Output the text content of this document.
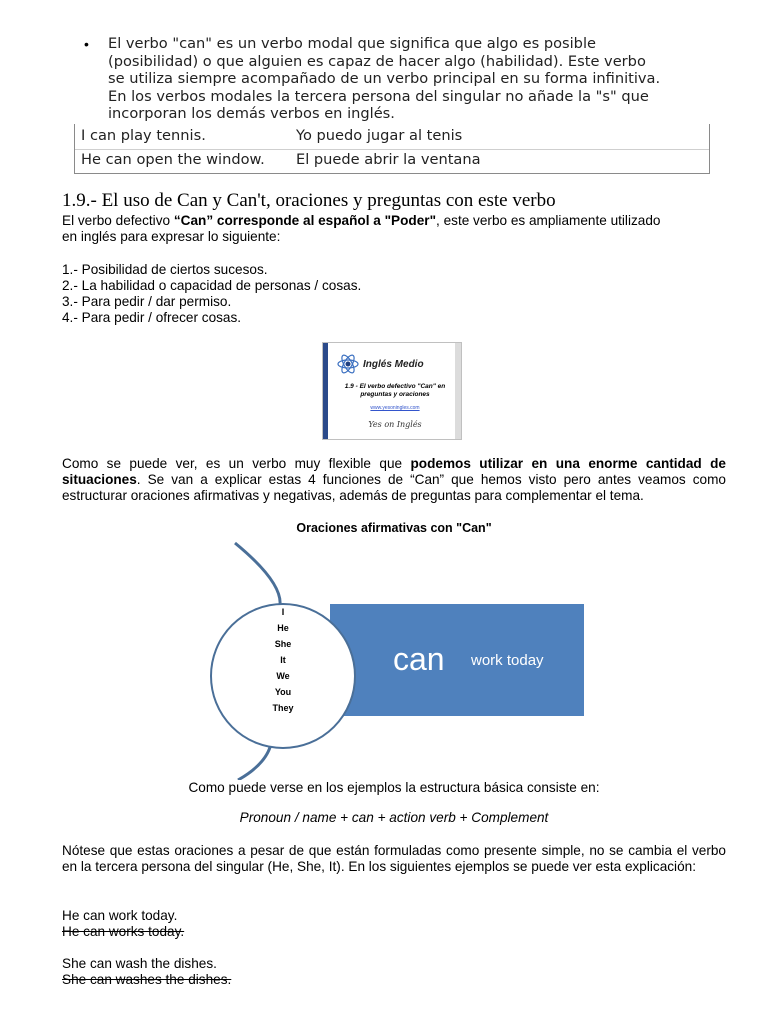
• El verbo "can" es un verbo modal que significa que algo es posible
(posibilidad) o que alguien es capaz de hacer algo (habilidad). Este verbo
se utiliza siempre acompañado de un verbo principal en su forma infinitiva.
En los verbos modales la tercera persona del singular no añade la "s" que
incorporan los demás verbos en inglés.
I can play tennis.	Yo puedo jugar al tenis
He can open the window. El puede abrir la ventana
1.9.- El uso de Can y Can't, oraciones y preguntas con este verbo
El verbo defectivo “Can” corresponde al español a "Poder", este verbo es ampliamente utilizado
en inglés para expresar lo siguiente:
1.- Posibilidad de ciertos sucesos.
2.- La habilidad o capacidad de personas / cosas.
3.- Para pedir / dar permiso.
4.- Para pedir / ofrecer cosas.
Inglés Medio
1.9 - El verbo defectivo "Can" en
preguntas y oraciones
www.yesoningles.com
Yes on Inglés
Como se puede ver, es un verbo muy flexible que podemos utilizar en una enorme cantidad de situaciones. Se van a explicar estas 4 funciones de “Can” que hemos visto pero antes veamos como estructurar oraciones afirmativas y negativas, además de preguntas para complementar el tema.
Oraciones afirmativas con "Can"
I
He
She
It
We
You
They
can work today
Como puede verse en los ejemplos la estructura básica consiste en:
Pronoun / name + can + action verb + Complement
Nótese que estas oraciones a pesar de que están formuladas como presente simple, no se cambia el verbo en la tercera persona del singular (He, She, It). En los siguientes ejemplos se puede ver esta explicación:
He can work today.
He can works today.
She can wash the dishes.
She can washes the dishes.
